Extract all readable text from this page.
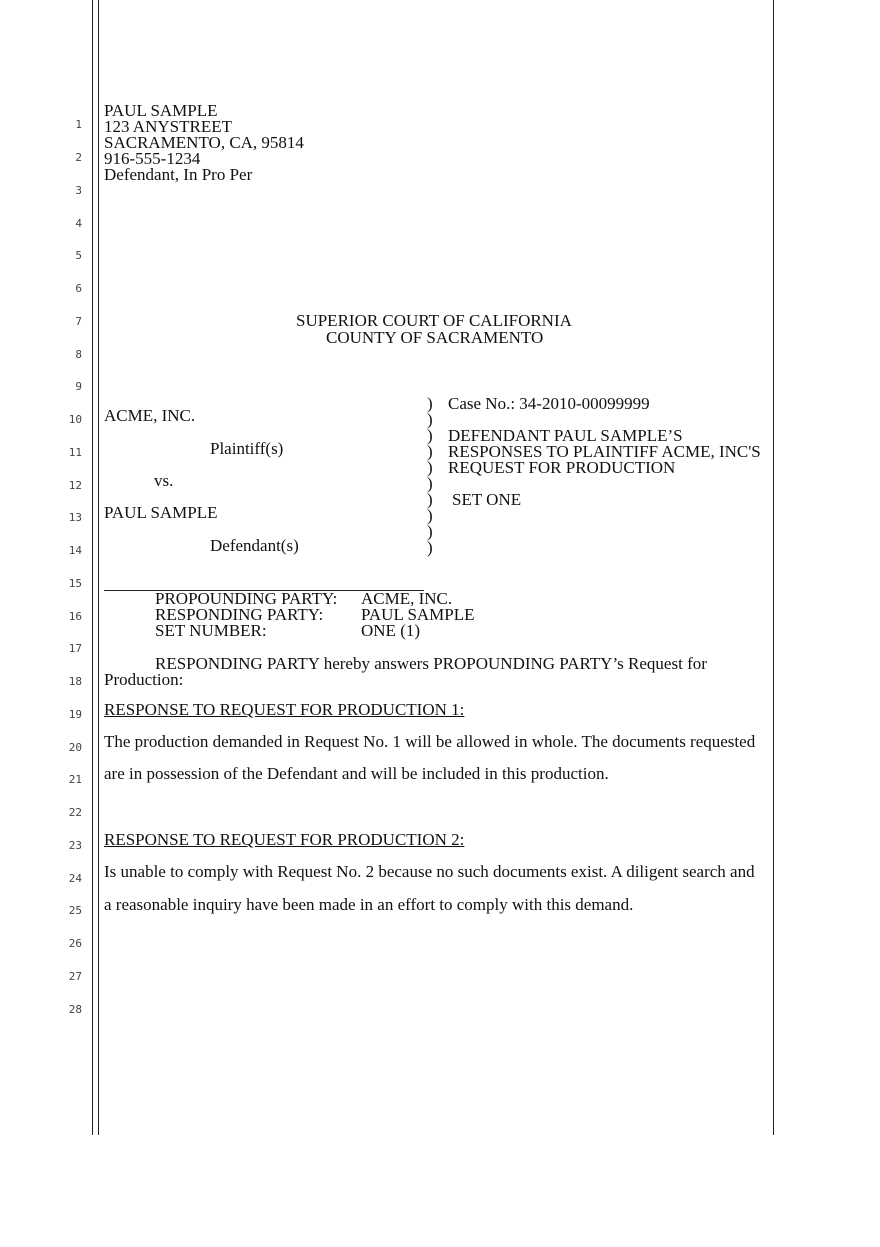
1
2
3
4
5
6
7
8
9
10
11
12
13
14
15
16
17
18
19
20
21
22
23
24
25
26
27
28
PAUL SAMPLE
123 ANYSTREET
SACRAMENTO, CA, 95814
916-555-1234
Defendant, In Pro Per
SUPERIOR COURT OF CALIFORNIA
COUNTY OF SACRAMENTO
ACME, INC.
Plaintiff(s)
vs.
PAUL SAMPLE
Defendant(s)
)
)
)
)
)
)
)
)
)
)
Case No.: 34-2010-00099999
DEFENDANT PAUL SAMPLE’S
RESPONSES TO PLAINTIFF ACME, INC'S
REQUEST FOR PRODUCTION
SET ONE
PROPOUNDING PARTY: ACME, INC.
RESPONDING PARTY: PAUL SAMPLE
SET NUMBER:	ONE (1)
RESPONDING PARTY hereby answers PROPOUNDING PARTY’s Request for
Production:
RESPONSE TO REQUEST FOR PRODUCTION 1:
The production demanded in Request No. 1 will be allowed in whole. The documents requested
are in possession of the Defendant and will be included in this production.
RESPONSE TO REQUEST FOR PRODUCTION 2:
Is unable to comply with Request No. 2 because no such documents exist. A diligent search and
a reasonable inquiry have been made in an effort to comply with this demand.
